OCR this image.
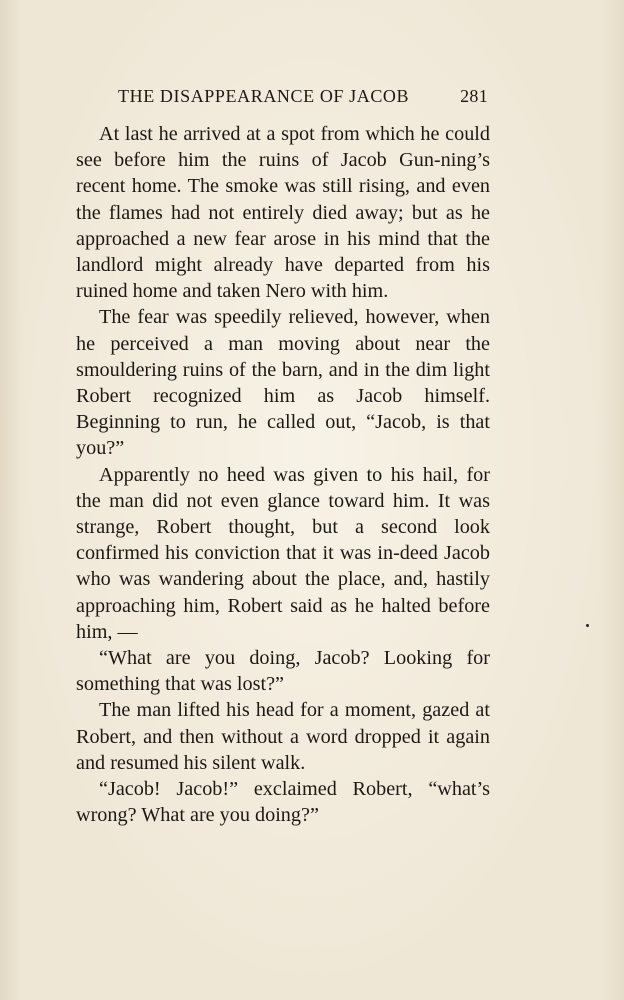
THE DISAPPEARANCE OF JACOB	281

At last he arrived at a spot from which he could see before him the ruins of Jacob Gun-ning’s recent home. The smoke was still rising, and even the flames had not entirely died away; but as he approached a new fear arose in his mind that the landlord might already have departed from his ruined home and taken Nero with him.

The fear was speedily relieved, however, when he perceived a man moving about near the smouldering ruins of the barn, and in the dim light Robert recognized him as Jacob himself. Beginning to run, he called out, “Jacob, is that you?”

Apparently no heed was given to his hail, for the man did not even glance toward him. It was strange, Robert thought, but a second look confirmed his conviction that it was in-deed Jacob who was wandering about the place, and, hastily approaching him, Robert said as he halted before him, —

“What are you doing, Jacob? Looking for something that was lost?”

The man lifted his head for a moment, gazed at Robert, and then without a word dropped it again and resumed his silent walk.

“Jacob! Jacob!” exclaimed Robert, “what’s wrong? What are you doing?”
